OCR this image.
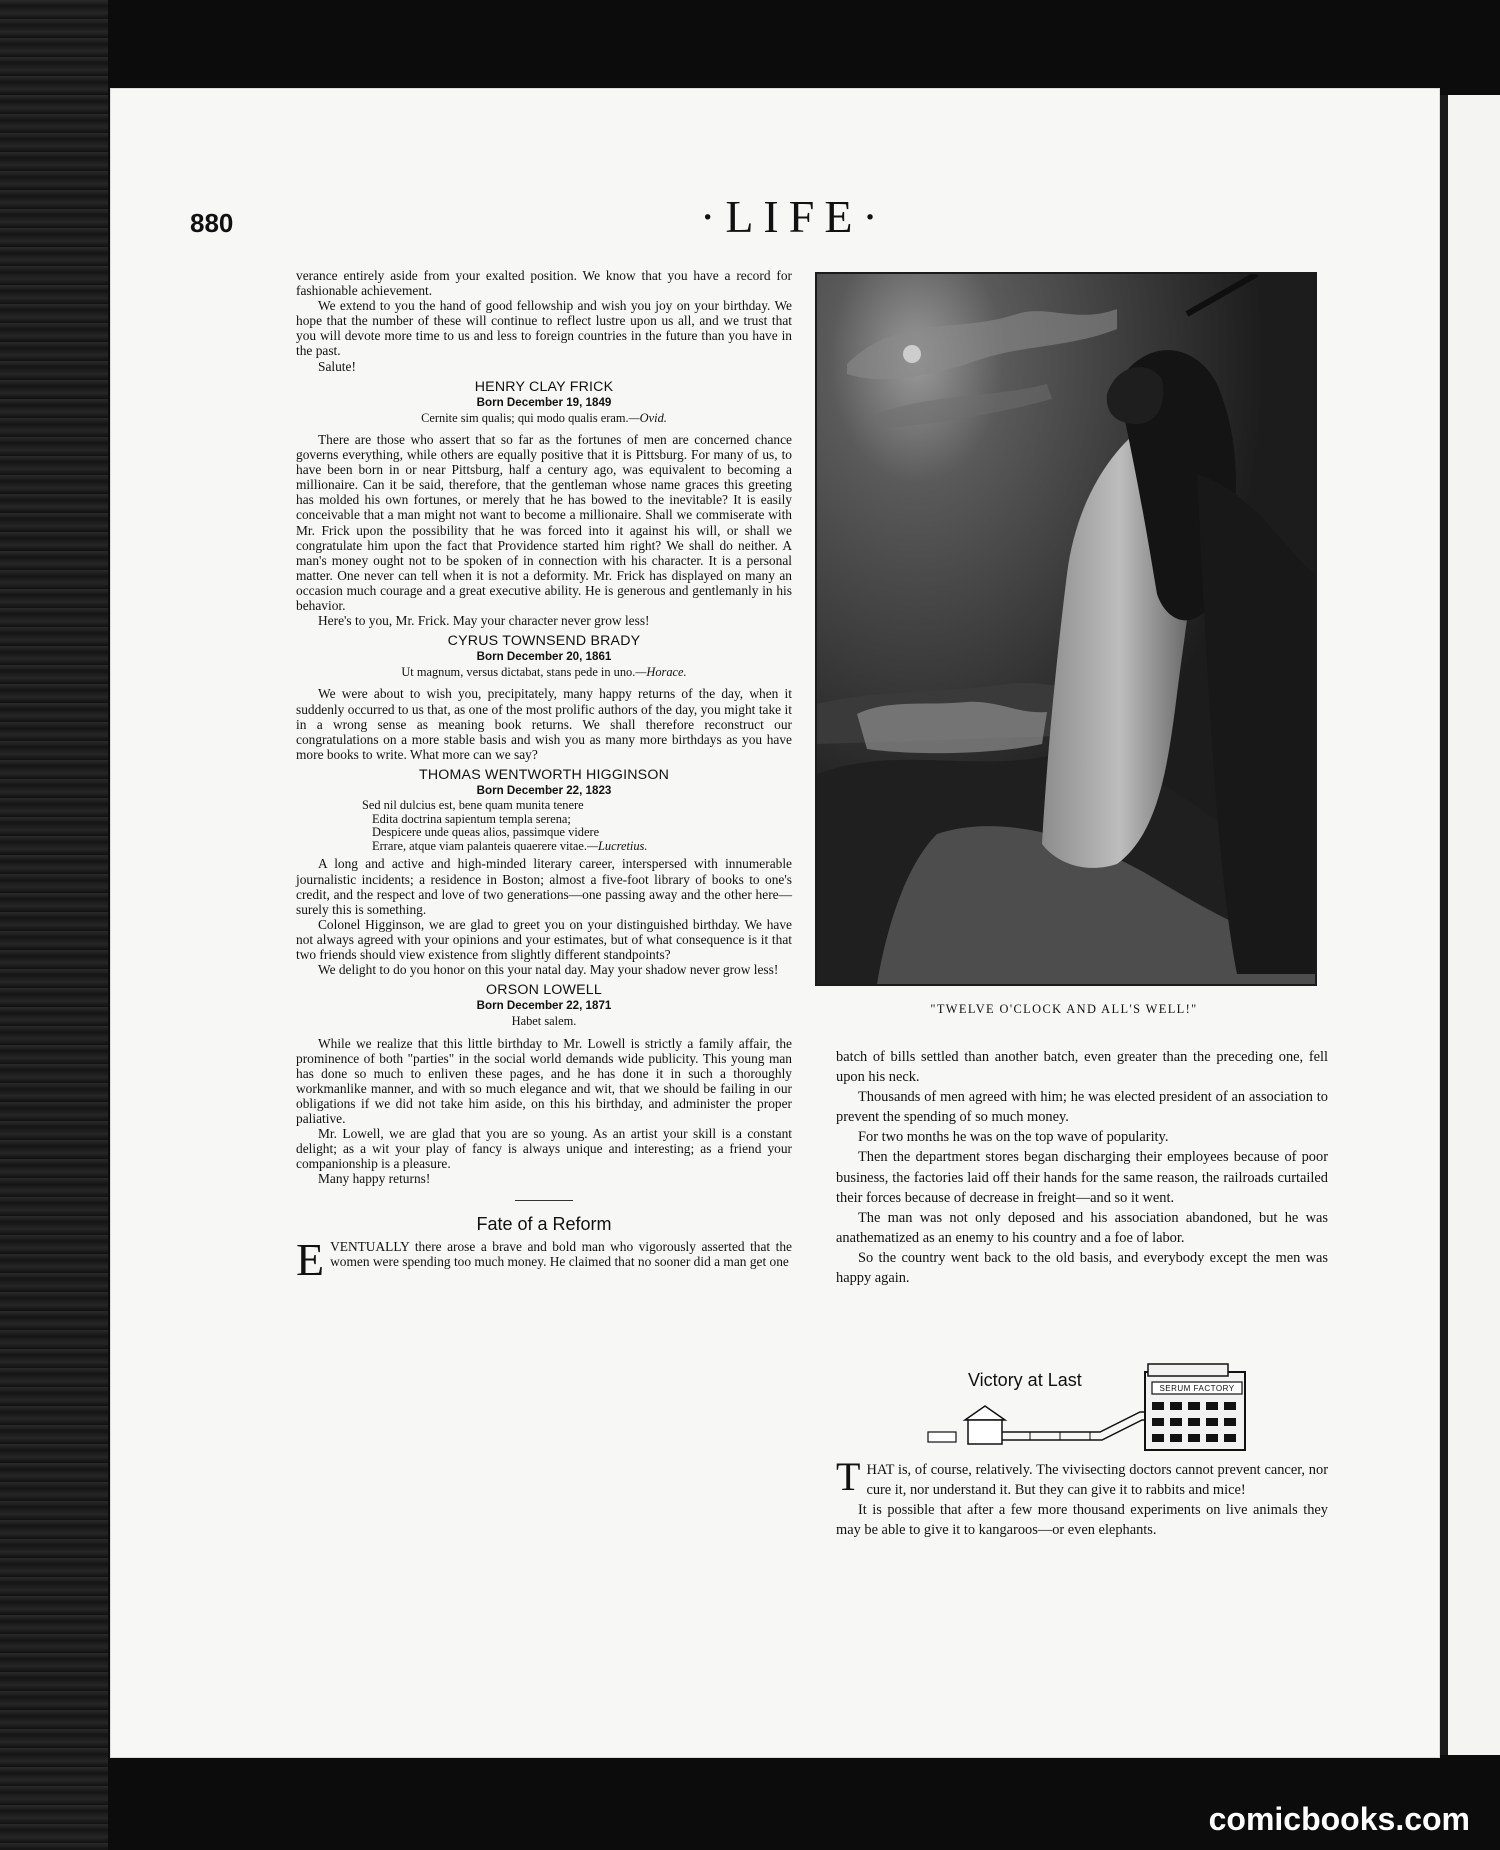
880	·LIFE·

verance entirely aside from your exalted position. We know that you have a record for fashionable achievement.

We extend to you the hand of good fellowship and wish you joy on your birthday. We hope that the number of these will continue to reflect lustre upon us all, and we trust that you will devote more time to us and less to foreign countries in the future than you have in the past.

Salute!

HENRY CLAY FRICK
Born December 19, 1849
Cernite sim qualis; qui modo qualis eram.—Ovid.

There are those who assert that so far as the fortunes of men are concerned chance governs everything, while others are equally positive that it is Pittsburg. For many of us, to have been born in or near Pittsburg, half a century ago, was equivalent to becoming a millionaire. Can it be said, therefore, that the gentleman whose name graces this greeting has molded his own fortunes, or merely that he has bowed to the inevitable? It is easily conceivable that a man might not want to become a millionaire. Shall we commiserate with Mr. Frick upon the possibility that he was forced into it against his will, or shall we congratulate him upon the fact that Providence started him right? We shall do neither. A man's money ought not to be spoken of in connection with his character. It is a personal matter. One never can tell when it is not a deformity. Mr. Frick has displayed on many an occasion much courage and a great executive ability. He is generous and gentlemanly in his behavior.

Here's to you, Mr. Frick. May your character never grow less!

CYRUS TOWNSEND BRADY
Born December 20, 1861
Ut magnum, versus dictabat, stans pede in uno.—Horace.

We were about to wish you, precipitately, many happy returns of the day, when it suddenly occurred to us that, as one of the most prolific authors of the day, you might take it in a wrong sense as meaning book returns. We shall therefore reconstruct our congratulations on a more stable basis and wish you as many more birthdays as you have more books to write. What more can we say?

THOMAS WENTWORTH HIGGINSON
Born December 22, 1823
Sed nil dulcius est, bene quam munita tenere
Edita doctrina sapientum templa serena;
Despicere unde queas alios, passimque videre
Errare, atque viam palanteis quaerere vitae.—Lucretius.

A long and active and high-minded literary career, interspersed with innumerable journalistic incidents; a residence in Boston; almost a five-foot library of books to one's credit, and the respect and love of two generations—one passing away and the other here—surely this is something.

Colonel Higginson, we are glad to greet you on your distinguished birthday. We have not always agreed with your opinions and your estimates, but of what consequence is it that two friends should view existence from slightly different standpoints?

We delight to do you honor on this your natal day. May your shadow never grow less!

ORSON LOWELL
Born December 22, 1871
Habet salem.

While we realize that this little birthday to Mr. Lowell is strictly a family affair, the prominence of both "parties" in the social world demands wide publicity. This young man has done so much to enliven these pages, and he has done it in such a thoroughly workmanlike manner, and with so much elegance and wit, that we should be failing in our obligations if we did not take him aside, on this his birthday, and administer the proper paliative.

Mr. Lowell, we are glad that you are so young. As an artist your skill is a constant delight; as a wit your play of fancy is always unique and interesting; as a friend your companionship is a pleasure.

Many happy returns!

Fate of a Reform

EVENTUALLY there arose a brave and bold man who vigorously asserted that the women were spending too much money. He claimed that no sooner did a man get one

"TWELVE O'CLOCK AND ALL'S WELL!"

batch of bills settled than another batch, even greater than the preceding one, fell upon his neck.

Thousands of men agreed with him; he was elected president of an association to prevent the spending of so much money.

For two months he was on the top wave of popularity.

Then the department stores began discharging their employees because of poor business, the factories laid off their hands for the same reason, the railroads curtailed their forces because of decrease in freight—and so it went.

The man was not only deposed and his association abandoned, but he was anathematized as an enemy to his country and a foe of labor.

So the country went back to the old basis, and everybody except the men was happy again.

Victory at Last	SERUM FACTORY

THAT is, of course, relatively. The vivisecting doctors cannot prevent cancer, nor cure it, nor understand it. But they can give it to rabbits and mice!

It is possible that after a few more thousand experiments on live animals they may be able to give it to kangaroos—or even elephants.

comicbooks.com
